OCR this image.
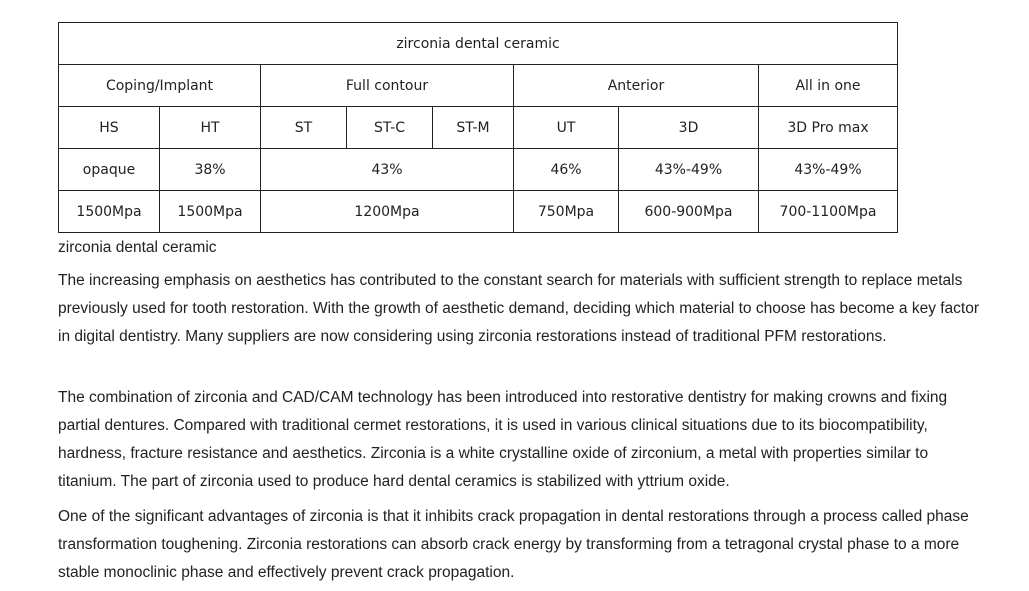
zirconia dental ceramic							
Coping/Implant		Full contour			Anterior		All in one
HS	HT	ST	ST-C	ST-M	UT	3D	3D Pro max
opaque	38%	43%			46%	43%-49%	43%-49%
1500Mpa	1500Mpa	1200Mpa			750Mpa	600-900Mpa	700-1100Mpa

zirconia dental ceramic

The increasing emphasis on aesthetics has contributed to the constant search for materials with sufficient strength to replace metals previously used for tooth restoration. With the growth of aesthetic demand, deciding which material to choose has become a key factor in digital dentistry. Many suppliers are now considering using zirconia restorations instead of traditional PFM restorations.

The combination of zirconia and CAD/CAM technology has been introduced into restorative dentistry for making crowns and fixing partial dentures. Compared with traditional cermet restorations, it is used in various clinical situations due to its biocompatibility, hardness, fracture resistance and aesthetics. Zirconia is a white crystalline oxide of zirconium, a metal with properties similar to titanium. The part of zirconia used to produce hard dental ceramics is stabilized with yttrium oxide.

One of the significant advantages of zirconia is that it inhibits crack propagation in dental restorations through a process called phase transformation toughening. Zirconia restorations can absorb crack energy by transforming from a tetragonal crystal phase to a more stable monoclinic phase and effectively prevent crack propagation.
